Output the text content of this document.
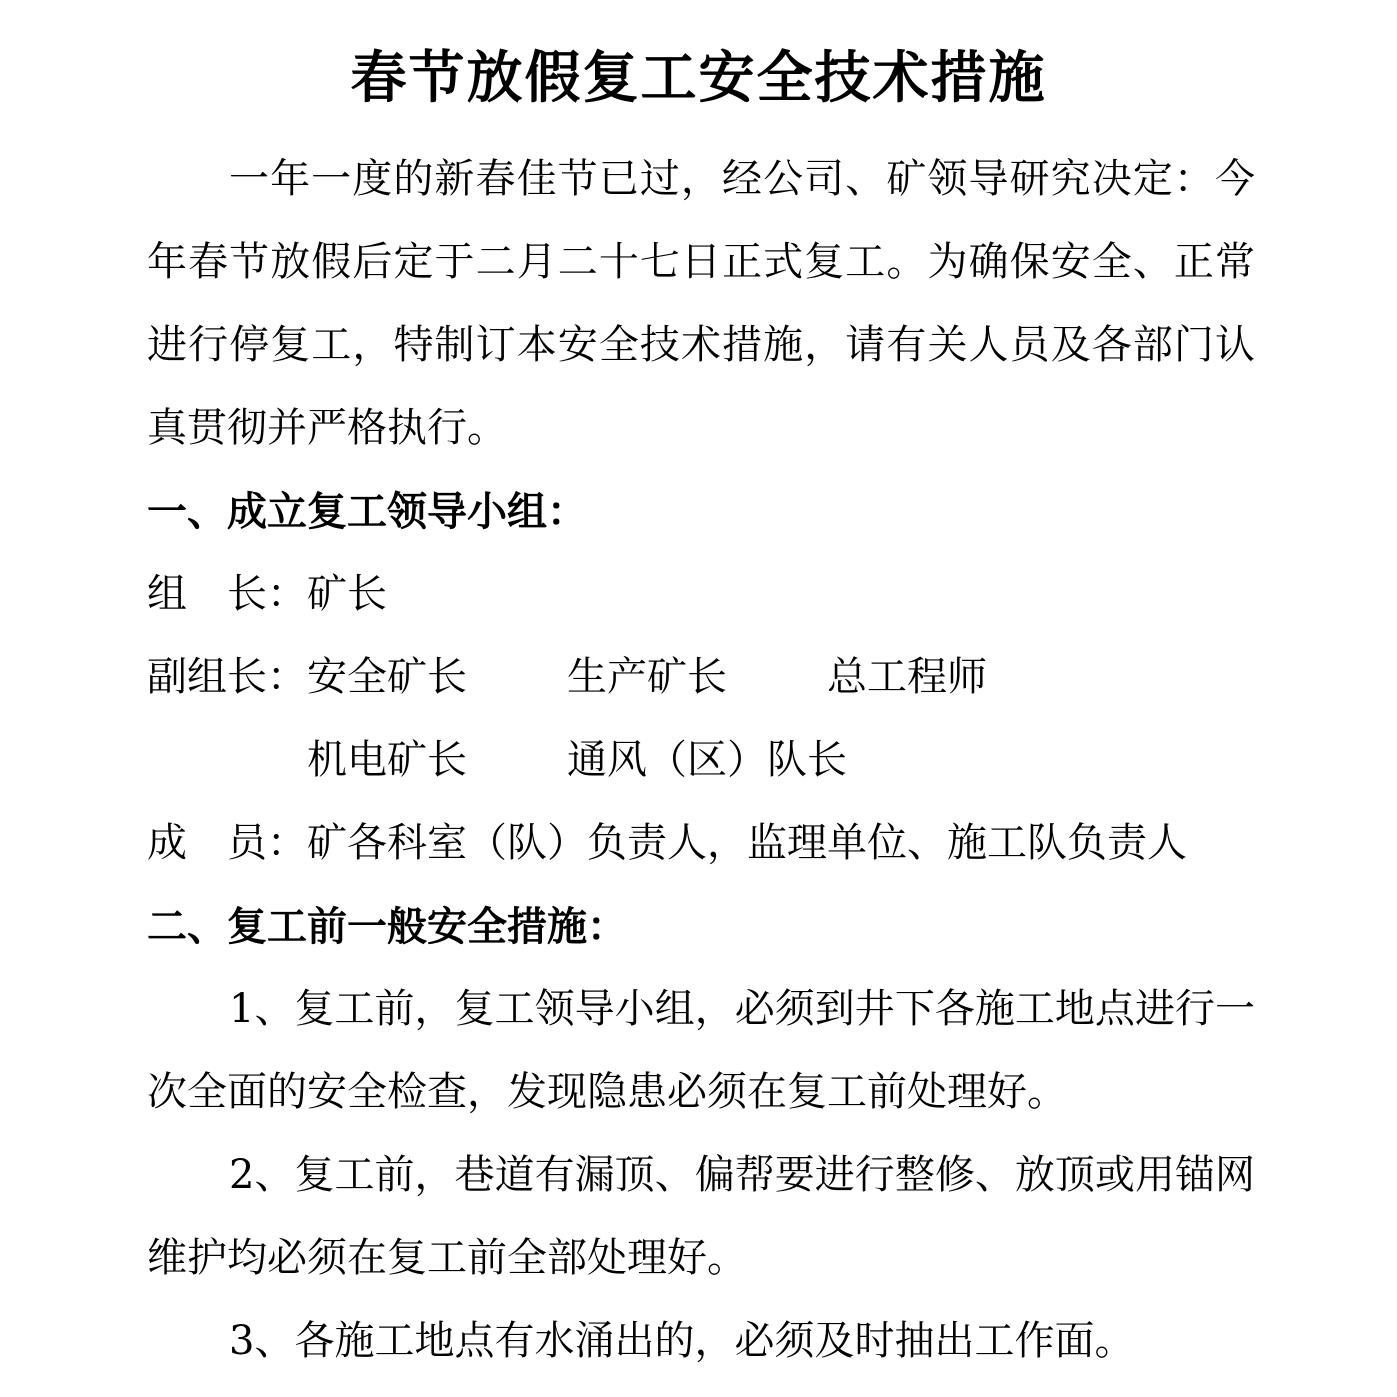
春节放假复工安全技术措施

一年一度的新春佳节已过，经公司、矿领导研究决定：今年春节放假后定于二月二十七日正式复工。为确保安全、正常进行停复工，特制订本安全技术措施，请有关人员及各部门认真贯彻并严格执行。

一、成立复工领导小组：

组　长：矿长

副组长：安全矿长	生产矿长	总工程师

机电矿长	通风（区）队长

成　员：矿各科室（队）负责人，监理单位、施工队负责人

二、复工前一般安全措施：

1、复工前，复工领导小组，必须到井下各施工地点进行一次全面的安全检查，发现隐患必须在复工前处理好。

2、复工前，巷道有漏顶、偏帮要进行整修、放顶或用锚网维护均必须在复工前全部处理好。

3、各施工地点有水涌出的，必须及时抽出工作面。
